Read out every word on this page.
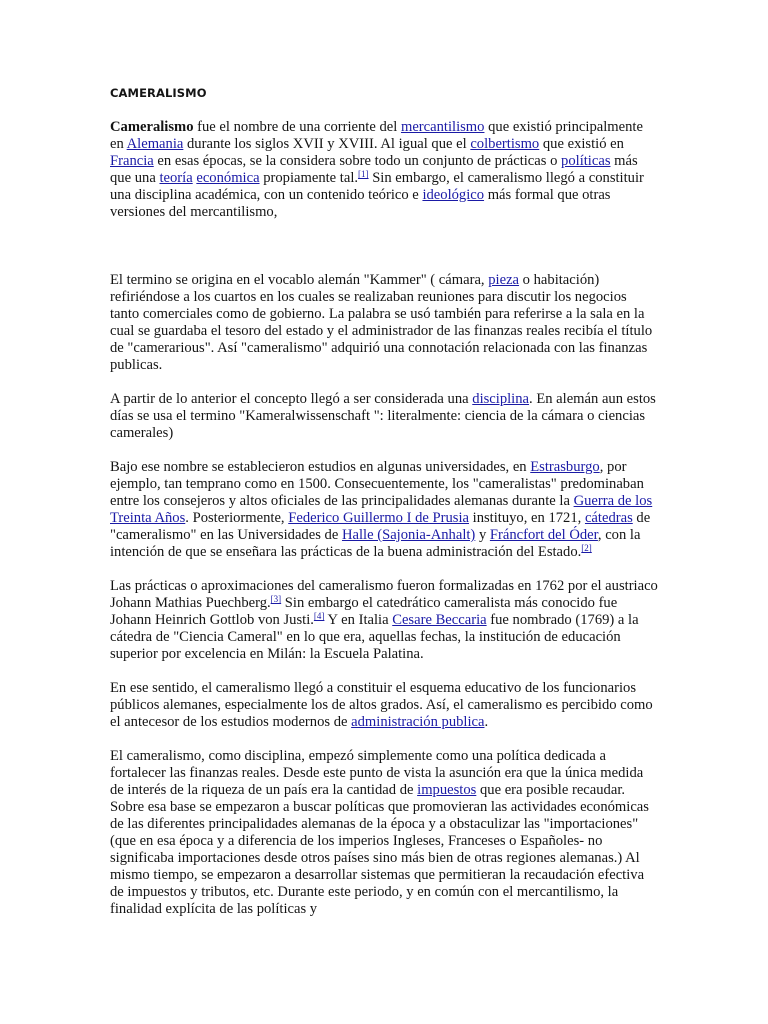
CAMERALISMO

Cameralismo fue el nombre de una corriente del mercantilismo que existió principalmente en Alemania durante los siglos XVII y XVIII. Al igual que el colbertismo que existió en Francia en esas épocas, se la considera sobre todo un conjunto de prácticas o políticas más que una teoría económica propiamente tal.[1] Sin embargo, el cameralismo llegó a constituir una disciplina académica, con un contenido teórico e ideológico más formal que otras versiones del mercantilismo,

El termino se origina en el vocablo alemán "Kammer" ( cámara, pieza o habitación) refiriéndose a los cuartos en los cuales se realizaban reuniones para discutir los negocios tanto comerciales como de gobierno. La palabra se usó también para referirse a la sala en la cual se guardaba el tesoro del estado y el administrador de las finanzas reales recibía el título de "camerarious". Así "cameralismo" adquirió una connotación relacionada con las finanzas publicas.

A partir de lo anterior el concepto llegó a ser considerada una disciplina. En alemán aun estos días se usa el termino "Kameralwissenschaft ": literalmente: ciencia de la cámara o ciencias camerales)

Bajo ese nombre se establecieron estudios en algunas universidades, en Estrasburgo, por ejemplo, tan temprano como en 1500. Consecuentemente, los "cameralistas" predominaban entre los consejeros y altos oficiales de las principalidades alemanas durante la Guerra de los Treinta Años. Posteriormente, Federico Guillermo I de Prusia instituyo, en 1721, cátedras de "cameralismo" en las Universidades de Halle (Sajonia-Anhalt) y Fráncfort del Óder, con la intención de que se enseñara las prácticas de la buena administración del Estado.[2]

Las prácticas o aproximaciones del cameralismo fueron formalizadas en 1762 por el austriaco Johann Mathias Puechberg.[3] Sin embargo el catedrático cameralista más conocido fue Johann Heinrich Gottlob von Justi.[4] Y en Italia Cesare Beccaria fue nombrado (1769) a la cátedra de "Ciencia Cameral" en lo que era, aquellas fechas, la institución de educación superior por excelencia en Milán: la Escuela Palatina.

En ese sentido, el cameralismo llegó a constituir el esquema educativo de los funcionarios públicos alemanes, especialmente los de altos grados. Así, el cameralismo es percibido como el antecesor de los estudios modernos de administración publica.

El cameralismo, como disciplina, empezó simplemente como una política dedicada a fortalecer las finanzas reales. Desde este punto de vista la asunción era que la única medida de interés de la riqueza de un país era la cantidad de impuestos que era posible recaudar. Sobre esa base se empezaron a buscar políticas que promovieran las actividades económicas de las diferentes principalidades alemanas de la época y a obstaculizar las "importaciones" (que en esa época y a diferencia de los imperios Ingleses, Franceses o Españoles- no significaba importaciones desde otros países sino más bien de otras regiones alemanas.) Al mismo tiempo, se empezaron a desarrollar sistemas que permitieran la recaudación efectiva de impuestos y tributos, etc. Durante este periodo, y en común con el mercantilismo, la finalidad explícita de las políticas y
